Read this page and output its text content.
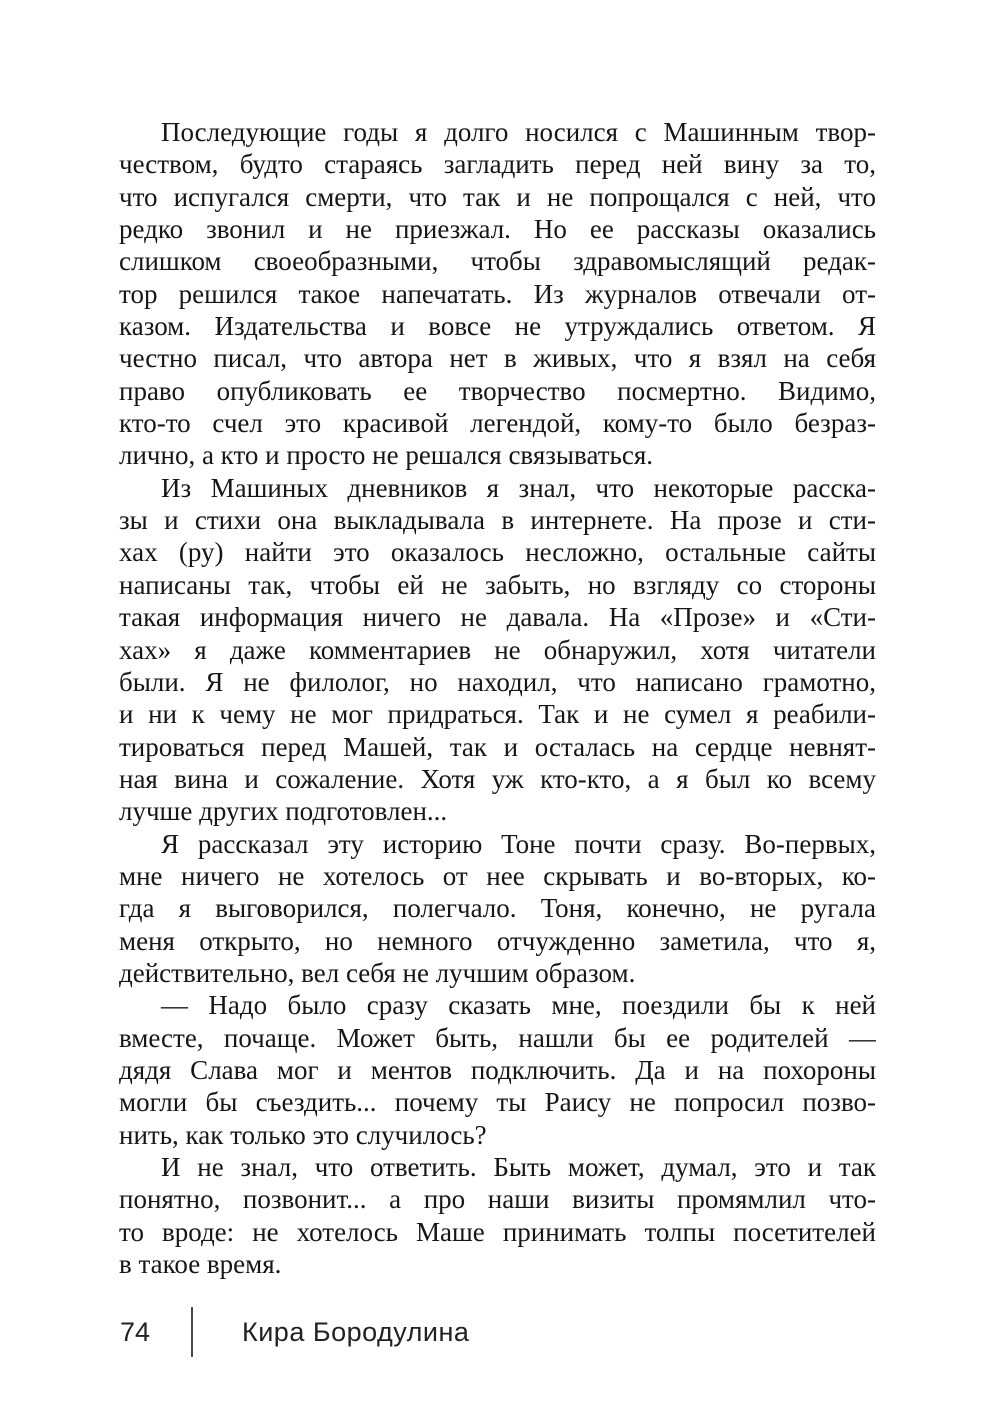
Последующие годы я долго носился с Машинным твор-
чеством, будто стараясь загладить перед ней вину за то,
что испугался смерти, что так и не попрощался с ней, что
редко звонил и не приезжал. Но ее рассказы оказались
слишком своеобразными, чтобы здравомыслящий редак-
тор решился такое напечатать. Из журналов отвечали от-
казом. Издательства и вовсе не утруждались ответом. Я
честно писал, что автора нет в живых, что я взял на себя
право опубликовать ее творчество посмертно. Видимо,
кто-то счел это красивой легендой, кому-то было безраз-
лично, а кто и просто не решался связываться.
Из Машиных дневников я знал, что некоторые расска-
зы и стихи она выкладывала в интернете. На прозе и сти-
хах (ру) найти это оказалось несложно, остальные сайты
написаны так, чтобы ей не забыть, но взгляду со стороны
такая информация ничего не давала. На «Прозе» и «Сти-
хах» я даже комментариев не обнаружил, хотя читатели
были. Я не филолог, но находил, что написано грамотно,
и ни к чему не мог придраться. Так и не сумел я реабили-
тироваться перед Машей, так и осталась на сердце невнят-
ная вина и сожаление. Хотя уж кто-кто, а я был ко всему
лучше других подготовлен...
Я рассказал эту историю Тоне почти сразу. Во-первых,
мне ничего не хотелось от нее скрывать и во-вторых, ко-
гда я выговорился, полегчало. Тоня, конечно, не ругала
меня открыто, но немного отчужденно заметила, что я,
действительно, вел себя не лучшим образом.
— Надо было сразу сказать мне, поездили бы к ней
вместе, почаще. Может быть, нашли бы ее родителей —
дядя Слава мог и ментов подключить. Да и на похороны
могли бы съездить... почему ты Раису не попросил позво-
нить, как только это случилось?
И не знал, что ответить. Быть может, думал, это и так
понятно, позвонит... а про наши визиты промямлил что-
то вроде: не хотелось Маше принимать толпы посетителей
в такое время.
74	Кира Бородулина
